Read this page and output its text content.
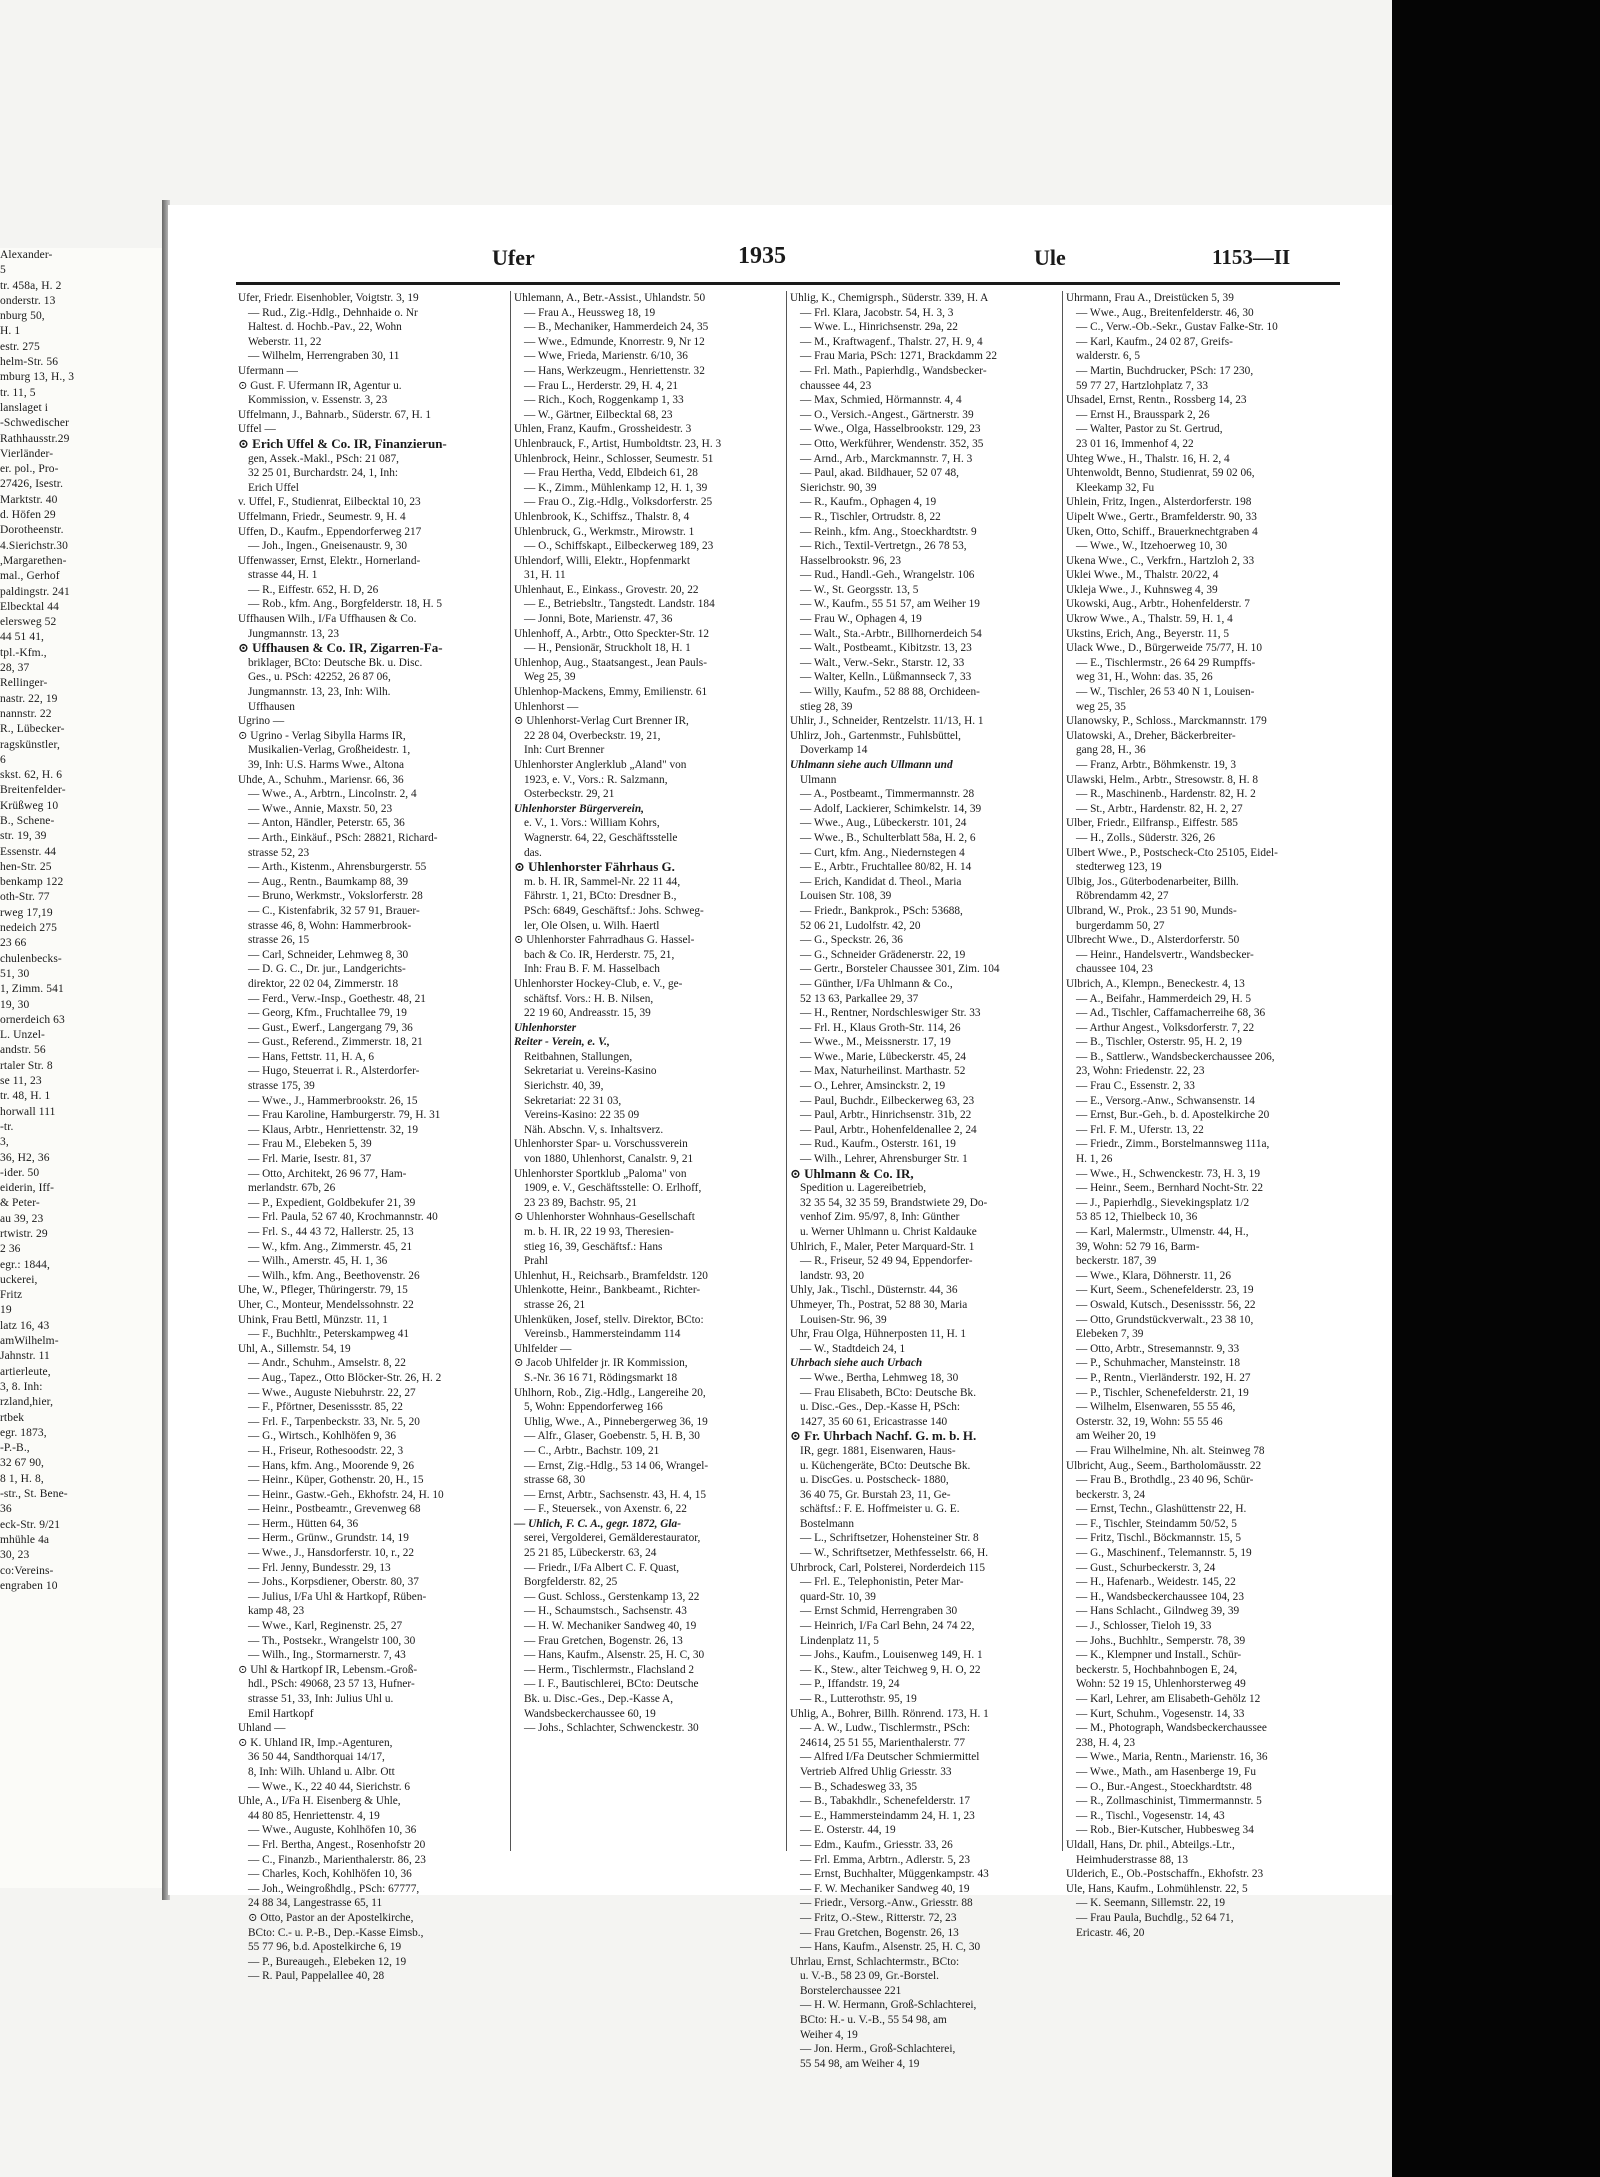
Alexander-
5
tr. 458a, H. 2
onderstr. 13
nburg 50,
H. 1
estr. 275
helm-Str. 56
mburg 13, H., 3
tr. 11, 5
lanslaget i
-Schwedischer
Rathhausstr.29
Vierländer-
er. pol., Pro-
27426, Isestr.
Marktstr. 40
d. Höfen 29
Dorotheenstr.
4.Sierichstr.30
,Margarethen-
mal., Gerhof
paldingstr. 241
Elbecktal 44
elersweg 52
44 51 41,
tpl.-Kfm.,
28, 37
Rellinger-
nastr. 22, 19
nannstr. 22
R., Lübecker-
ragskünstler,
6
skst. 62, H. 6
Breitenfelder-
Krüßweg 10
B., Schene-
str. 19, 39
Essenstr. 44
hen-Str. 25
benkamp 122
oth-Str. 77
rweg 17,19
nedeich 275
23 66
chulenbecks-
51, 30
1, Zimm. 541
19, 30
ornerdeich 63
L. Unzel-
andstr. 56
rtaler Str. 8
se 11, 23
tr. 48, H. 1
horwall 111
-tr.
3,
36, H2, 36
-ider. 50
eiderin, Iff-
& Peter-
au 39, 23
rtwistr. 29
2 36
egr.: 1844,
uckerei,
Fritz
19
latz 16, 43
amWilhelm-
Jahnstr. 11
artierleute,
3, 8. Inh:
rzland,hier,
rtbek
egr. 1873,
-P.-B.,
32 67 90,
8 1, H. 8,
-str., St. Bene-
36
eck-Str. 9/21
mhühle 4a
30, 23
co:Vereins-
engraben 10
Ufer	1935	Ule	1153—II
Ufer, Friedr. Eisenhobler, Voigtstr. 3, 19
— Rud., Zig.-Hdlg., Dehnhaide o. Nr
Haltest. d. Hochb.-Pav., 22, Wohn
Weberstr. 11, 22
— Wilhelm, Herrengraben 30, 11
Ufermann —
⊙ Gust. F. Ufermann IR, Agentur u.
Kommission, v. Essenstr. 3, 23
Uffelmann, J., Bahnarb., Süderstr. 67, H. 1
Uffel —
⊙ Erich Uffel & Co. IR, Finanzierun-
gen, Assek.-Makl., PSch: 21 087,
32 25 01, Burchardstr. 24, 1, Inh:
Erich Uffel
v. Uffel, F., Studienrat, Eilbecktal 10, 23
Uffelmann, Friedr., Seumestr. 9, H. 4
Uffen, D., Kaufm., Eppendorferweg 217
— Joh., Ingen., Gneisenaustr. 9, 30
Uffenwasser, Ernst, Elektr., Hornerland-
strasse 44, H. 1
— R., Eiffestr. 652, H. D, 26
— Rob., kfm. Ang., Borgfelderstr. 18, H. 5
Uffhausen Wilh., I/Fa Uffhausen & Co.
Jungmannstr. 13, 23
⊙ Uffhausen & Co. IR, Zigarren-Fa-
briklager, BCto: Deutsche Bk. u. Disc.
Ges., u. PSch: 42252, 26 87 06,
Jungmannstr. 13, 23, Inh: Wilh.
Uffhausen
Ugrino —
⊙ Ugrino - Verlag Sibylla Harms IR,
Musikalien-Verlag, Großheidestr. 1,
39, Inh: U.S. Harms Wwe., Altona
Uhde, A., Schuhm., Mariensr. 66, 36
— Wwe., A., Arbtrn., Lincolnstr. 2, 4
— Wwe., Annie, Maxstr. 50, 23
— Anton, Händler, Peterstr. 65, 36
— Arth., Einkäuf., PSch: 28821, Richard-
strasse 52, 23
— Arth., Kistenm., Ahrensburgerstr. 55
— Aug., Rentn., Baumkamp 88, 39
— Bruno, Werkmstr., Vokslorferstr. 28
— C., Kistenfabrik, 32 57 91, Brauer-
strasse 46, 8, Wohn: Hammerbrook-
strasse 26, 15
— Carl, Schneider, Lehmweg 8, 30
— D. G. C., Dr. jur., Landgerichts-
direktor, 22 02 04, Zimmerstr. 18
— Ferd., Verw.-Insp., Goethestr. 48, 21
— Georg, Kfm., Fruchtallee 79, 19
— Gust., Ewerf., Langergang 79, 36
— Gust., Referend., Zimmerstr. 18, 21
— Hans, Fettstr. 11, H. A, 6
— Hugo, Steuerrat i. R., Alsterdorfer-
strasse 175, 39
— Wwe., J., Hammerbrookstr. 26, 15
— Frau Karoline, Hamburgerstr. 79, H. 31
— Klaus, Arbtr., Henriettenstr. 32, 19
— Frau M., Elebeken 5, 39
— Frl. Marie, Isestr. 81, 37
— Otto, Architekt, 26 96 77, Ham-
merlandstr. 67b, 26
— P., Expedient, Goldbekufer 21, 39
— Frl. Paula, 52 67 40, Krochmannstr. 40
— Frl. S., 44 43 72, Hallerstr. 25, 13
— W., kfm. Ang., Zimmerstr. 45, 21
— Wilh., Amerstr. 45, H. 1, 36
— Wilh., kfm. Ang., Beethovenstr. 26
Uhe, W., Pfleger, Thüringerstr. 79, 15
Uher, C., Monteur, Mendelssohnstr. 22
Uhink, Frau Bettl, Münzstr. 11, 1
— F., Buchhltr., Peterskampweg 41
Uhl, A., Sillemstr. 54, 19
— Andr., Schuhm., Amselstr. 8, 22
— Aug., Tapez., Otto Blöcker-Str. 26, H. 2
— Wwe., Auguste Niebuhrstr. 22, 27
— F., Pförtner, Desenissstr. 85, 22
— Frl. F., Tarpenbeckstr. 33, Nr. 5, 20
— G., Wirtsch., Kohlhöfen 9, 36
— H., Friseur, Rothesoodstr. 22, 3
— Hans, kfm. Ang., Moorende 9, 26
— Heinr., Küper, Gothenstr. 20, H., 15
— Heinr., Gastw.-Geh., Ekhofstr. 24, H. 10
— Heinr., Postbeamtr., Grevenweg 68
— Herm., Hütten 64, 36
— Herm., Grünw., Grundstr. 14, 19
— Wwe., J., Hansdorferstr. 10, r., 22
— Frl. Jenny, Bundesstr. 29, 13
— Johs., Korpsdiener, Oberstr. 80, 37
— Julius, I/Fa Uhl & Hartkopf, Rüben-
kamp 48, 23
— Wwe., Karl, Reginenstr. 25, 27
— Th., Postsekr., Wrangelstr 100, 30
— Wilh., Ing., Stormarnerstr. 7, 43
⊙ Uhl & Hartkopf IR, Lebensm.-Groß-
hdl., PSch: 49068, 23 57 13, Hufner-
strasse 51, 33, Inh: Julius Uhl u.
Emil Hartkopf
Uhland —
⊙ K. Uhland IR, Imp.-Agenturen,
36 50 44, Sandthorquai 14/17,
8, Inh: Wilh. Uhland u. Albr. Ott
— Wwe., K., 22 40 44, Sierichstr. 6
Uhle, A., I/Fa H. Eisenberg & Uhle,
44 80 85, Henriettenstr. 4, 19
— Wwe., Auguste, Kohlhöfen 10, 36
— Frl. Bertha, Angest., Rosenhofstr 20
— C., Finanzb., Marienthalerstr. 86, 23
— Charles, Koch, Kohlhöfen 10, 36
— Joh., Weingroßhdlg., PSch: 67777,
24 88 34, Langestrasse 65, 11
⊙ Otto, Pastor an der Apostelkirche,
BCto: C.- u. P.-B., Dep.-Kasse Eimsb.,
55 77 96, b.d. Apostelkirche 6, 19
— P., Bureaugeh., Elebeken 12, 19
— R. Paul, Pappelallee 40, 28
Uhlemann, A., Betr.-Assist., Uhlandstr. 50
— Frau A., Heussweg 18, 19
— B., Mechaniker, Hammerdeich 24, 35
— Wwe., Edmunde, Knorrestr. 9, Nr 12
— Wwe, Frieda, Marienstr. 6/10, 36
— Hans, Werkzeugm., Henriettenstr. 32
— Frau L., Herderstr. 29, H. 4, 21
— Rich., Koch, Roggenkamp 1, 33
— W., Gärtner, Eilbecktal 68, 23
Uhlen, Franz, Kaufm., Grossheidestr. 3
Uhlenbrauck, F., Artist, Humboldtstr. 23, H. 3
Uhlenbrock, Heinr., Schlosser, Seumestr. 51
— Frau Hertha, Vedd, Elbdeich 61, 28
— K., Zimm., Mühlenkamp 12, H. 1, 39
— Frau O., Zig.-Hdlg., Volksdorferstr. 25
Uhlenbrook, K., Schiffsz., Thalstr. 8, 4
Uhlenbruck, G., Werkmstr., Mirowstr. 1
— O., Schiffskapt., Eilbeckerweg 189, 23
Uhlendorf, Willi, Elektr., Hopfenmarkt
31, H. 11
Uhlenhaut, E., Einkass., Grovestr. 20, 22
— E., Betriebsltr., Tangstedt. Landstr. 184
— Jonni, Bote, Marienstr. 47, 36
Uhlenhoff, A., Arbtr., Otto Speckter-Str. 12
— H., Pensionär, Struckholt 18, H. 1
Uhlenhop, Aug., Staatsangest., Jean Pauls-
Weg 25, 39
Uhlenhop-Mackens, Emmy, Emilienstr. 61
Uhlenhorst —
⊙ Uhlenhorst-Verlag Curt Brenner IR,
22 28 04, Overbeckstr. 19, 21,
Inh: Curt Brenner
Uhlenhorster Anglerklub „Aland" von
1923, e. V., Vors.: R. Salzmann,
Osterbeckstr. 29, 21
Uhlenhorster Bürgerverein,
e. V., 1. Vors.: William Kohrs,
Wagnerstr. 64, 22, Geschäftsstelle
das.
⊙ Uhlenhorster Fährhaus G.
m. b. H. IR, Sammel-Nr. 22 11 44,
Fährstr. 1, 21, BCto: Dresdner B.,
PSch: 6849, Geschäftsf.: Johs. Schweg-
ler, Ole Olsen, u. Wilh. Haertl
⊙ Uhlenhorster Fahrradhaus G. Hassel-
bach & Co. IR, Herderstr. 75, 21,
Inh: Frau B. F. M. Hasselbach
Uhlenhorster Hockey-Club, e. V., ge-
schäftsf. Vors.: H. B. Nilsen,
22 19 60, Andreasstr. 15, 39
Uhlenhorster
Reiter - Verein, e. V.,
Reitbahnen, Stallungen,
Sekretariat u. Vereins-Kasino
Sierichstr. 40, 39,
Sekretariat: 22 31 03,
Vereins-Kasino: 22 35 09
Näh. Abschn. V, s. Inhaltsverz.
Uhlenhorster Spar- u. Vorschussverein
von 1880, Uhlenhorst, Canalstr. 9, 21
Uhlenhorster Sportklub „Paloma" von
1909, e. V., Geschäftsstelle: O. Erlhoff,
23 23 89, Bachstr. 95, 21
⊙ Uhlenhorster Wohnhaus-Gesellschaft
m. b. H. IR, 22 19 93, Theresien-
stieg 16, 39, Geschäftsf.: Hans
Prahl
Uhlenhut, H., Reichsarb., Bramfeldstr. 120
Uhlenkotte, Heinr., Bankbeamt., Richter-
strasse 26, 21
Uhlenküken, Josef, stellv. Direktor, BCto:
Vereinsb., Hammersteindamm 114
Uhlfelder —
⊙ Jacob Uhlfelder jr. IR Kommission,
S.-Nr. 36 16 71, Rödingsmarkt 18
Uhlhorn, Rob., Zig.-Hdlg., Langereihe 20,
5, Wohn: Eppendorferweg 166
Uhlig, Wwe., A., Pinnebergerweg 36, 19
— Alfr., Glaser, Goebenstr. 5, H. B, 30
— C., Arbtr., Bachstr. 109, 21
— Ernst, Zig.-Hdlg., 53 14 06, Wrangel-
strasse 68, 30
— Ernst, Arbtr., Sachsenstr. 43, H. 4, 15
— F., Steuersek., von Axenstr. 6, 22
— Uhlich, F. C. A., gegr. 1872, Gla-
serei, Vergolderei, Gemälderestaurator,
25 21 85, Lübeckerstr. 63, 24
— Friedr., I/Fa Albert C. F. Quast,
Borgfelderstr. 82, 25
— Gust. Schloss., Gerstenkamp 13, 22
— H., Schaumstsch., Sachsenstr. 43
— H. W. Mechaniker Sandweg 40, 19
— Frau Gretchen, Bogenstr. 26, 13
— Hans, Kaufm., Alsenstr. 25, H. C, 30
— Herm., Tischlermstr., Flachsland 2
— I. F., Bautischlerei, BCto: Deutsche
Bk. u. Disc.-Ges., Dep.-Kasse A,
Wandsbeckerchaussee 60, 19
— Johs., Schlachter, Schwenckestr. 30
Uhlig, K., Chemigrsph., Süderstr. 339, H. A
— Frl. Klara, Jacobstr. 54, H. 3, 3
— Wwe. L., Hinrichsenstr. 29a, 22
— M., Kraftwagenf., Thalstr. 27, H. 9, 4
— Frau Maria, PSch: 1271, Brackdamm 22
— Frl. Math., Papierhdlg., Wandsbecker-
chaussee 44, 23
— Max, Schmied, Hörmannstr. 4, 4
— O., Versich.-Angest., Gärtnerstr. 39
— Wwe., Olga, Hasselbrookstr. 129, 23
— Otto, Werkführer, Wendenstr. 352, 35
— Arnd., Arb., Marckmannstr. 7, H. 3
— Paul, akad. Bildhauer, 52 07 48,
Sierichstr. 90, 39
— R., Kaufm., Ophagen 4, 19
— R., Tischler, Ortrudstr. 8, 22
— Reinh., kfm. Ang., Stoeckhardtstr. 9
— Rich., Textil-Vertretgn., 26 78 53,
Hasselbrookstr. 96, 23
— Rud., Handl.-Geh., Wrangelstr. 106
— W., St. Georgsstr. 13, 5
— W., Kaufm., 55 51 57, am Weiher 19
— Frau W., Ophagen 4, 19
— Walt., Sta.-Arbtr., Billhornerdeich 54
— Walt., Postbeamt., Kibitzstr. 13, 23
— Walt., Verw.-Sekr., Starstr. 12, 33
— Walter, Kelln., Lüßmannseck 7, 33
— Willy, Kaufm., 52 88 88, Orchideen-
stieg 28, 39
Uhlir, J., Schneider, Rentzelstr. 11/13, H. 1
Uhlirz, Joh., Gartenmstr., Fuhlsbüttel,
Doverkamp 14
Uhlmann siehe auch Ullmann und
Ulmann
— A., Postbeamt., Timmermannstr. 28
— Adolf, Lackierer, Schimkelstr. 14, 39
— Wwe., Aug., Lübeckerstr. 101, 24
— Wwe., B., Schulterblatt 58a, H. 2, 6
— Curt, kfm. Ang., Niedernstegen 4
— E., Arbtr., Fruchtallee 80/82, H. 14
— Erich, Kandidat d. Theol., Maria
Louisen Str. 108, 39
— Friedr., Bankprok., PSch: 53688,
52 06 21, Ludolfstr. 42, 20
— G., Speckstr. 26, 36
— G., Schneider Grädenerstr. 22, 19
— Gertr., Borsteler Chaussee 301, Zim. 104
— Günther, I/Fa Uhlmann & Co.,
52 13 63, Parkallee 29, 37
— H., Rentner, Nordschleswiger Str. 33
— Frl. H., Klaus Groth-Str. 114, 26
— Wwe., M., Meissnerstr. 17, 19
— Wwe., Marie, Lübeckerstr. 45, 24
— Max, Naturheilinst. Marthastr. 52
— O., Lehrer, Amsinckstr. 2, 19
— Paul, Buchdr., Eilbeckerweg 63, 23
— Paul, Arbtr., Hinrichsenstr. 31b, 22
— Paul, Arbtr., Hohenfeldenallee 2, 24
— Rud., Kaufm., Osterstr. 161, 19
— Wilh., Lehrer, Ahrensburger Str. 1
⊙ Uhlmann & Co. IR,
Spedition u. Lagereibetrieb,
32 35 54, 32 35 59, Brandstwiete 29, Do-
venhof Zim. 95/97, 8, Inh: Günther
u. Werner Uhlmann u. Christ Kaldauke
Uhlrich, F., Maler, Peter Marquard-Str. 1
— R., Friseur, 52 49 94, Eppendorfer-
landstr. 93, 20
Uhly, Jak., Tischl., Düsternstr. 44, 36
Uhmeyer, Th., Postrat, 52 88 30, Maria
Louisen-Str. 96, 39
Uhr, Frau Olga, Hühnerposten 11, H. 1
— W., Stadtdeich 24, 1
Uhrbach siehe auch Urbach
— Wwe., Bertha, Lehmweg 18, 30
— Frau Elisabeth, BCto: Deutsche Bk.
u. Disc.-Ges., Dep.-Kasse H, PSch:
1427, 35 60 61, Ericastrasse 140
⊙ Fr. Uhrbach Nachf. G. m. b. H.
IR, gegr. 1881, Eisenwaren, Haus-
u. Küchengeräte, BCto: Deutsche Bk.
u. DiscGes. u. Postscheck- 1880,
36 40 75, Gr. Burstah 23, 11, Ge-
schäftsf.: F. E. Hoffmeister u. G. E.
Bostelmann
— L., Schriftsetzer, Hohensteiner Str. 8
— W., Schriftsetzer, Methfesselstr. 66, H.
Uhrbrock, Carl, Polsterei, Norderdeich 115
— Frl. E., Telephonistin, Peter Mar-
quard-Str. 10, 39
— Ernst Schmid, Herrengraben 30
— Heinrich, I/Fa Carl Behn, 24 74 22,
Lindenplatz 11, 5
— Johs., Kaufm., Louisenweg 149, H. 1
— K., Stew., alter Teichweg 9, H. O, 22
— P., Iffandstr. 19, 24
— R., Lutterothstr. 95, 19
Uhlig, A., Bohrer, Billh. Rönrend. 173, H. 1
— A. W., Ludw., Tischlermstr., PSch:
24614, 25 51 55, Marienthalerstr. 77
— Alfred I/Fa Deutscher Schmiermittel
Vertrieb Alfred Uhlig Griesstr. 33
— B., Schadesweg 33, 35
— B., Tabakhdlr., Schenefelderstr. 17
— E., Hammersteindamm 24, H. 1, 23
— E. Osterstr. 44, 19
— Edm., Kaufm., Griesstr. 33, 26
— Frl. Emma, Arbtrn., Adlerstr. 5, 23
— Ernst, Buchhalter, Müggenkampstr. 43
— F. W. Mechaniker Sandweg 40, 19
— Friedr., Versorg.-Anw., Griesstr. 88
— Fritz, O.-Stew., Ritterstr. 72, 23
— Frau Gretchen, Bogenstr. 26, 13
— Hans, Kaufm., Alsenstr. 25, H. C, 30
Uhrlau, Ernst, Schlachtermstr., BCto:
u. V.-B., 58 23 09, Gr.-Borstel.
Borstelerchaussee 221
— H. W. Hermann, Groß-Schlachterei,
BCto: H.- u. V.-B., 55 54 98, am
Weiher 4, 19
— Jon. Herm., Groß-Schlachterei,
55 54 98, am Weiher 4, 19
Uhrmann, Frau A., Dreistücken 5, 39
— Wwe., Aug., Breitenfelderstr. 46, 30
— C., Verw.-Ob.-Sekr., Gustav Falke-Str. 10
— Karl, Kaufm., 24 02 87, Greifs-
walderstr. 6, 5
— Martin, Buchdrucker, PSch: 17 230,
59 77 27, Hartzlohplatz 7, 33
Uhsadel, Ernst, Rentn., Rossberg 14, 23
— Ernst H., Brausspark 2, 26
— Walter, Pastor zu St. Gertrud,
23 01 16, Immenhof 4, 22
Uhteg Wwe., H., Thalstr. 16, H. 2, 4
Uhtenwoldt, Benno, Studienrat, 59 02 06,
Kleekamp 32, Fu
Uhlein, Fritz, Ingen., Alsterdorferstr. 198
Uipelt Wwe., Gertr., Bramfelderstr. 90, 33
Uken, Otto, Schiff., Brauerknechtgraben 4
— Wwe., W., Itzehoerweg 10, 30
Ukena Wwe., C., Verkfrn., Hartzloh 2, 33
Uklei Wwe., M., Thalstr. 20/22, 4
Ukleja Wwe., J., Kuhnsweg 4, 39
Ukowski, Aug., Arbtr., Hohenfelderstr. 7
Ukrow Wwe., A., Thalstr. 59, H. 1, 4
Ukstins, Erich, Ang., Beyerstr. 11, 5
Ulack Wwe., D., Bürgerweide 75/77, H. 10
— E., Tischlermstr., 26 64 29 Rumpffs-
weg 31, H., Wohn: das. 35, 26
— W., Tischler, 26 53 40 N 1, Louisen-
weg 25, 35
Ulanowsky, P., Schloss., Marckmannstr. 179
Ulatowski, A., Dreher, Bäckerbreiter-
gang 28, H., 36
— Franz, Arbtr., Böhmkenstr. 19, 3
Ulawski, Helm., Arbtr., Stresowstr. 8, H. 8
— R., Maschinenb., Hardenstr. 82, H. 2
— St., Arbtr., Hardenstr. 82, H. 2, 27
Ulber, Friedr., Eilfransp., Eiffestr. 585
— H., Zolls., Süderstr. 326, 26
Ulbert Wwe., P., Postscheck-Cto 25105, Eidel-
stedterweg 123, 19
Ulbig, Jos., Güterbodenarbeiter, Billh.
Röbrendamm 42, 27
Ulbrand, W., Prok., 23 51 90, Munds-
burgerdamm 50, 27
Ulbrecht Wwe., D., Alsterdorferstr. 50
— Heinr., Handelsvertr., Wandsbecker-
chaussee 104, 23
Ulbrich, A., Klempn., Beneckestr. 4, 13
— A., Beifahr., Hammerdeich 29, H. 5
— Ad., Tischler, Caffamacherreihe 68, 36
— Arthur Angest., Volksdorferstr. 7, 22
— B., Tischler, Osterstr. 95, H. 2, 19
— B., Sattlerw., Wandsbeckerchaussee 206,
23, Wohn: Friedenstr. 22, 23
— Frau C., Essenstr. 2, 33
— E., Versorg.-Anw., Schwansenstr. 14
— Ernst, Bur.-Geh., b. d. Apostelkirche 20
— Frl. F. M., Uferstr. 13, 22
— Friedr., Zimm., Borstelmannsweg 111a,
H. 1, 26
— Wwe., H., Schwenckestr. 73, H. 3, 19
— Heinr., Seem., Bernhard Nocht-Str. 22
— J., Papierhdlg., Sievekingsplatz 1/2
53 85 12, Thielbeck 10, 36
— Karl, Malermstr., Ulmenstr. 44, H.,
39, Wohn: 52 79 16, Barm-
beckerstr. 187, 39
— Wwe., Klara, Döhnerstr. 11, 26
— Kurt, Seem., Schenefelderstr. 23, 19
— Oswald, Kutsch., Desenissstr. 56, 22
— Otto, Grundstückverwalt., 23 38 10,
Elebeken 7, 39
— Otto, Arbtr., Stresemannstr. 9, 33
— P., Schuhmacher, Mansteinstr. 18
— P., Rentn., Vierländerstr. 192, H. 27
— P., Tischler, Schenefelderstr. 21, 19
— Wilhelm, Elsenwaren, 55 55 46,
Osterstr. 32, 19, Wohn: 55 55 46
am Weiher 20, 19
— Frau Wilhelmine, Nh. alt. Steinweg 78
Ulbricht, Aug., Seem., Bartholomäusstr. 22
— Frau B., Brothdlg., 23 40 96, Schür-
beckerstr. 3, 24
— Ernst, Techn., Glashüttenstr 22, H.
— F., Tischler, Steindamm 50/52, 5
— Fritz, Tischl., Böckmannstr. 15, 5
— G., Maschinenf., Telemannstr. 5, 19
— Gust., Schurbeckerstr. 3, 24
— H., Hafenarb., Weidestr. 145, 22
— H., Wandsbeckerchaussee 104, 23
— Hans Schlacht., Gilndweg 39, 39
— J., Schlosser, Tieloh 19, 33
— Johs., Buchhltr., Semperstr. 78, 39
— K., Klempner und Install., Schür-
beckerstr. 5, Hochbahnbogen E, 24,
Wohn: 52 19 15, Uhlenhorsterweg 49
— Karl, Lehrer, am Elisabeth-Gehölz 12
— Kurt, Schuhm., Vogesenstr. 14, 33
— M., Photograph, Wandsbeckerchaussee
238, H. 4, 23
— Wwe., Maria, Rentn., Marienstr. 16, 36
— Wwe., Math., am Hasenberge 19, Fu
— O., Bur.-Angest., Stoeckhardtstr. 48
— R., Zollmaschinist, Timmermannstr. 5
— R., Tischl., Vogesenstr. 14, 43
— Rob., Bier-Kutscher, Hubbesweg 34
Uldall, Hans, Dr. phil., Abteilgs.-Ltr.,
Heimhuderstrasse 88, 13
Ulderich, E., Ob.-Postschaffn., Ekhofstr. 23
Ule, Hans, Kaufm., Lohmühlenstr. 22, 5
— K. Seemann, Sillemstr. 22, 19
— Frau Paula, Buchdlg., 52 64 71,
Ericastr. 46, 20
